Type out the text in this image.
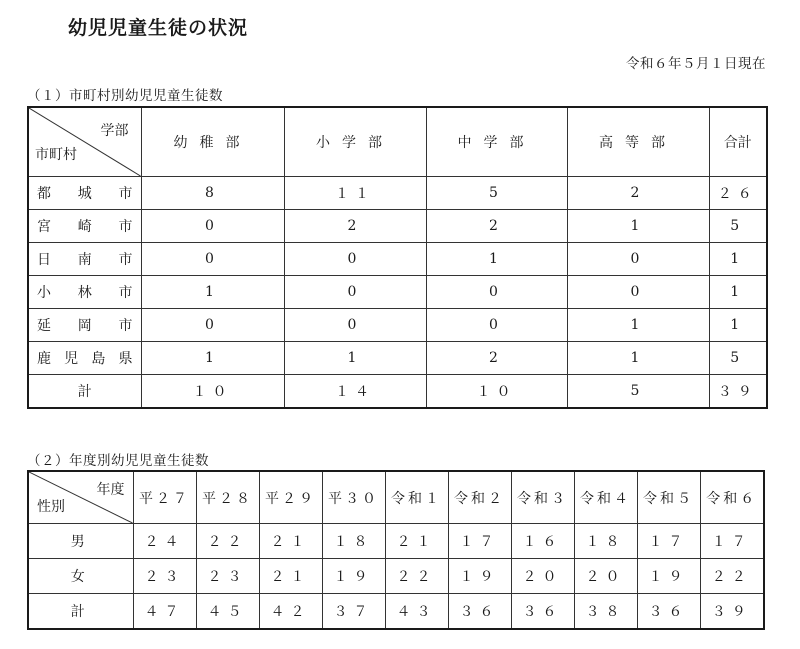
幼児児童生徒の状況
令和６年５月１日現在
（１）市町村別幼児児童生徒数
学部
市町村	幼稚部	小学部	中学部	高等部	合計
都城市	8	１１	5	2	２６
宮崎市	0	2	2	1	5
日南市	0	0	1	0	1
小林市	1	0	0	0	1
延岡市	0	0	0	1	1
鹿児島県	1	1	2	1	5
計	１０	１４	１０	5	３９
（２）年度別幼児児童生徒数
年度
性別	平２７	平２８	平２９	平３０	令和１	令和２	令和３	令和４	令和５	令和６
男	２４	２２	２１	１８	２１	１７	１６	１８	１７	１７
女	２３	２３	２１	１９	２２	１９	２０	２０	１９	２２
計	４７	４５	４２	３７	４３	３６	３６	３８	３６	３９
